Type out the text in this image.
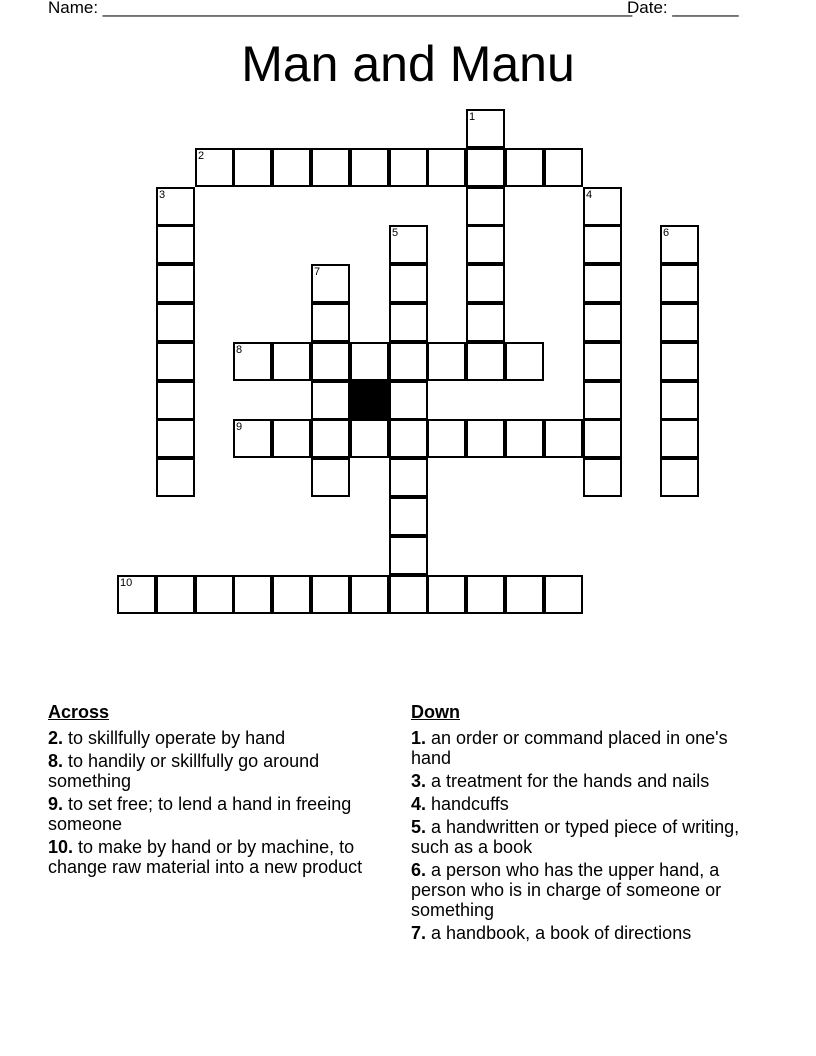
Name: ________________________________________________________
Date: _______
Man and Manu
1
2
3	4
5	6
7
8
9
10
Across
2. to skillfully operate by hand
8. to handily or skillfully go around something
9. to set free; to lend a hand in freeing someone
10. to make by hand or by machine, to change raw material into a new product
Down
1. an order or command placed in one's hand
3. a treatment for the hands and nails
4. handcuffs
5. a handwritten or typed piece of writing, such as a book
6. a person who has the upper hand, a person who is in charge of someone or something
7. a handbook, a book of directions
